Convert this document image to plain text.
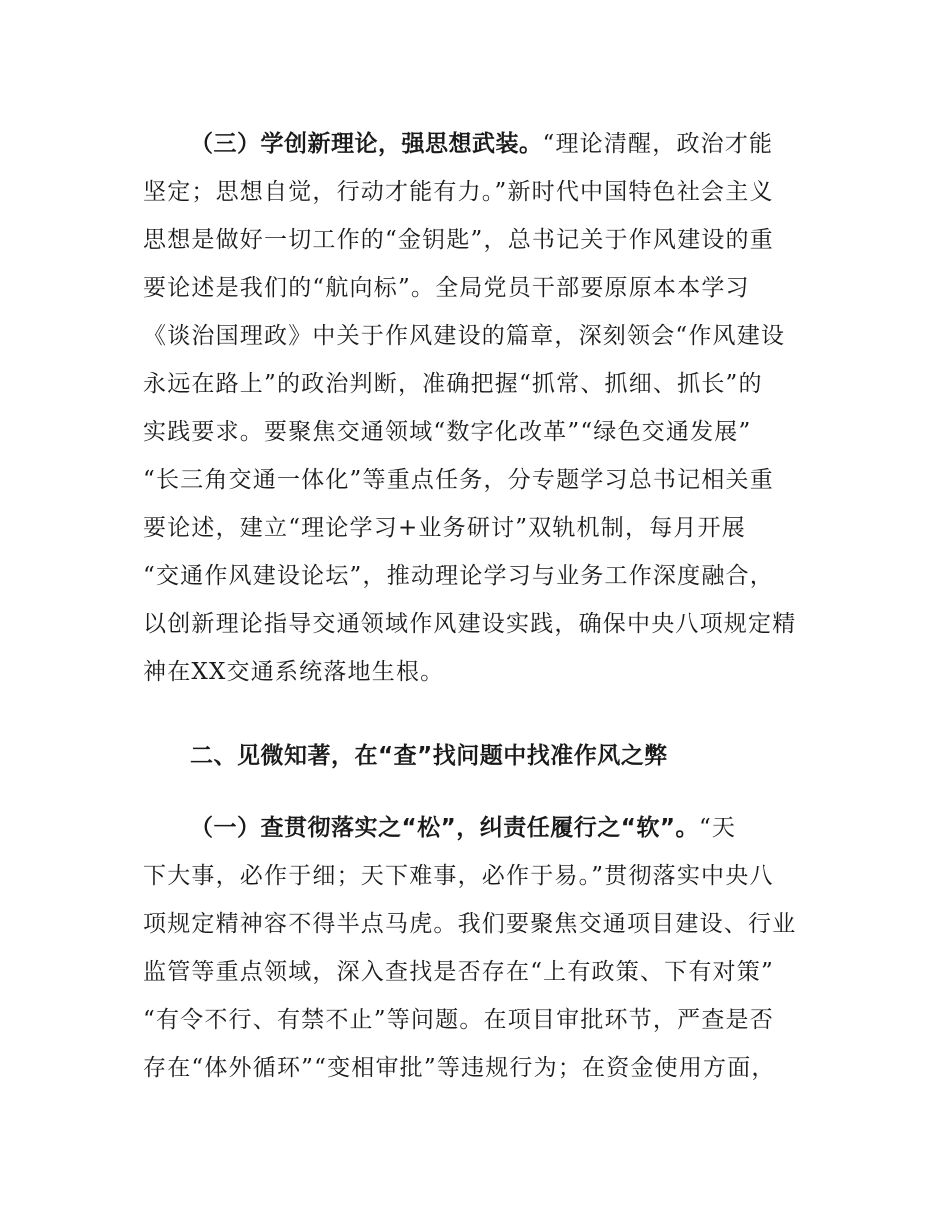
（三）学创新理论，强思想武装。“理论清醒，政治才能
坚定；思想自觉，行动才能有力。”新时代中国特色社会主义
思想是做好一切工作的“金钥匙”，总书记关于作风建设的重
要论述是我们的“航向标”。全局党员干部要原原本本学习
《谈治国理政》中关于作风建设的篇章，深刻领会“作风建设
永远在路上”的政治判断，准确把握“抓常、抓细、抓长”的
实践要求。要聚焦交通领域“数字化改革”“绿色交通发展”
“长三角交通一体化”等重点任务，分专题学习总书记相关重
要论述，建立“理论学习+业务研讨”双轨机制，每月开展
“交通作风建设论坛”，推动理论学习与业务工作深度融合，
以创新理论指导交通领域作风建设实践，确保中央八项规定精
神在XX交通系统落地生根。
二、见微知著，在“查”找问题中找准作风之弊
（一）查贯彻落实之“松”，纠责任履行之“软”。“天
下大事，必作于细；天下难事，必作于易。”贯彻落实中央八
项规定精神容不得半点马虎。我们要聚焦交通项目建设、行业
监管等重点领域，深入查找是否存在“上有政策、下有对策”
“有令不行、有禁不止”等问题。在项目审批环节，严查是否
存在“体外循环”“变相审批”等违规行为；在资金使用方面，
